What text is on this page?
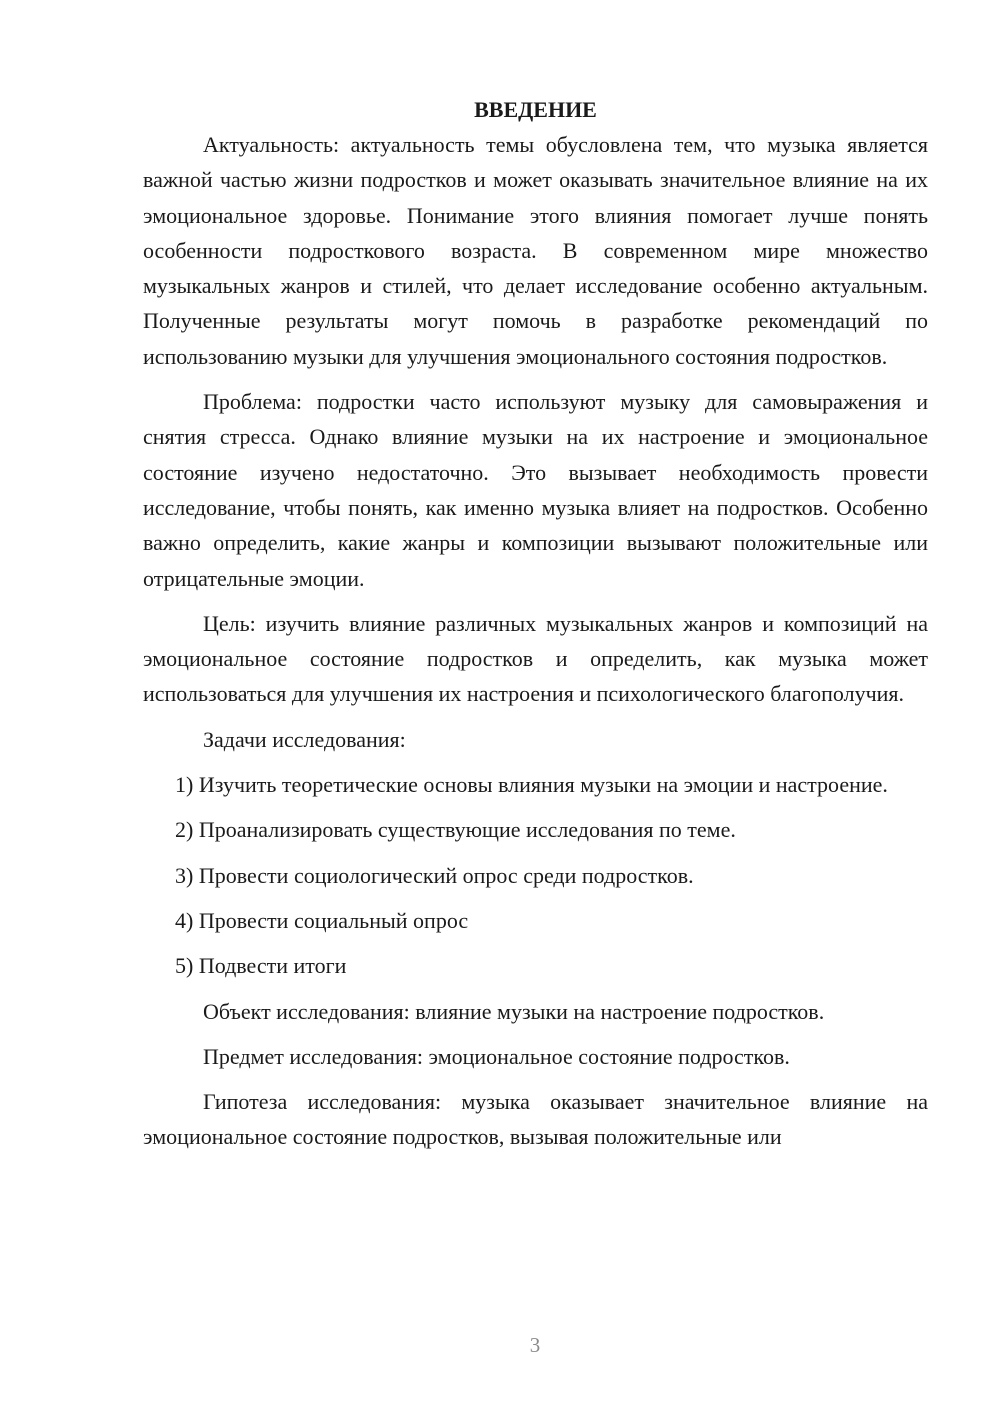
ВВЕДЕНИЕ

Актуальность: актуальность темы обусловлена тем, что музыка является важной частью жизни подростков и может оказывать значительное влияние на их эмоциональное здоровье. Понимание этого влияния помогает лучше понять особенности подросткового возраста. В современном мире множество музыкальных жанров и стилей, что делает исследование особенно актуальным. Полученные результаты могут помочь в разработке рекомендаций по использованию музыки для улучшения эмоционального состояния подростков.

Проблема: подростки часто используют музыку для самовыражения и снятия стресса. Однако влияние музыки на их настроение и эмоциональное состояние изучено недостаточно. Это вызывает необходимость провести исследование, чтобы понять, как именно музыка влияет на подростков. Особенно важно определить, какие жанры и композиции вызывают положительные или отрицательные эмоции.

Цель: изучить влияние различных музыкальных жанров и композиций на эмоциональное состояние подростков и определить, как музыка может использоваться для улучшения их настроения и психологического благополучия.

Задачи исследования:

1) Изучить теоретические основы влияния музыки на эмоции и настроение.

2) Проанализировать существующие исследования по теме.

3) Провести социологический опрос среди подростков.

4) Провести социальный опрос

5) Подвести итоги

Объект исследования: влияние музыки на настроение подростков.

Предмет исследования: эмоциональное состояние подростков.

Гипотеза исследования: музыка оказывает значительное влияние на эмоциональное состояние подростков, вызывая положительные или

3
